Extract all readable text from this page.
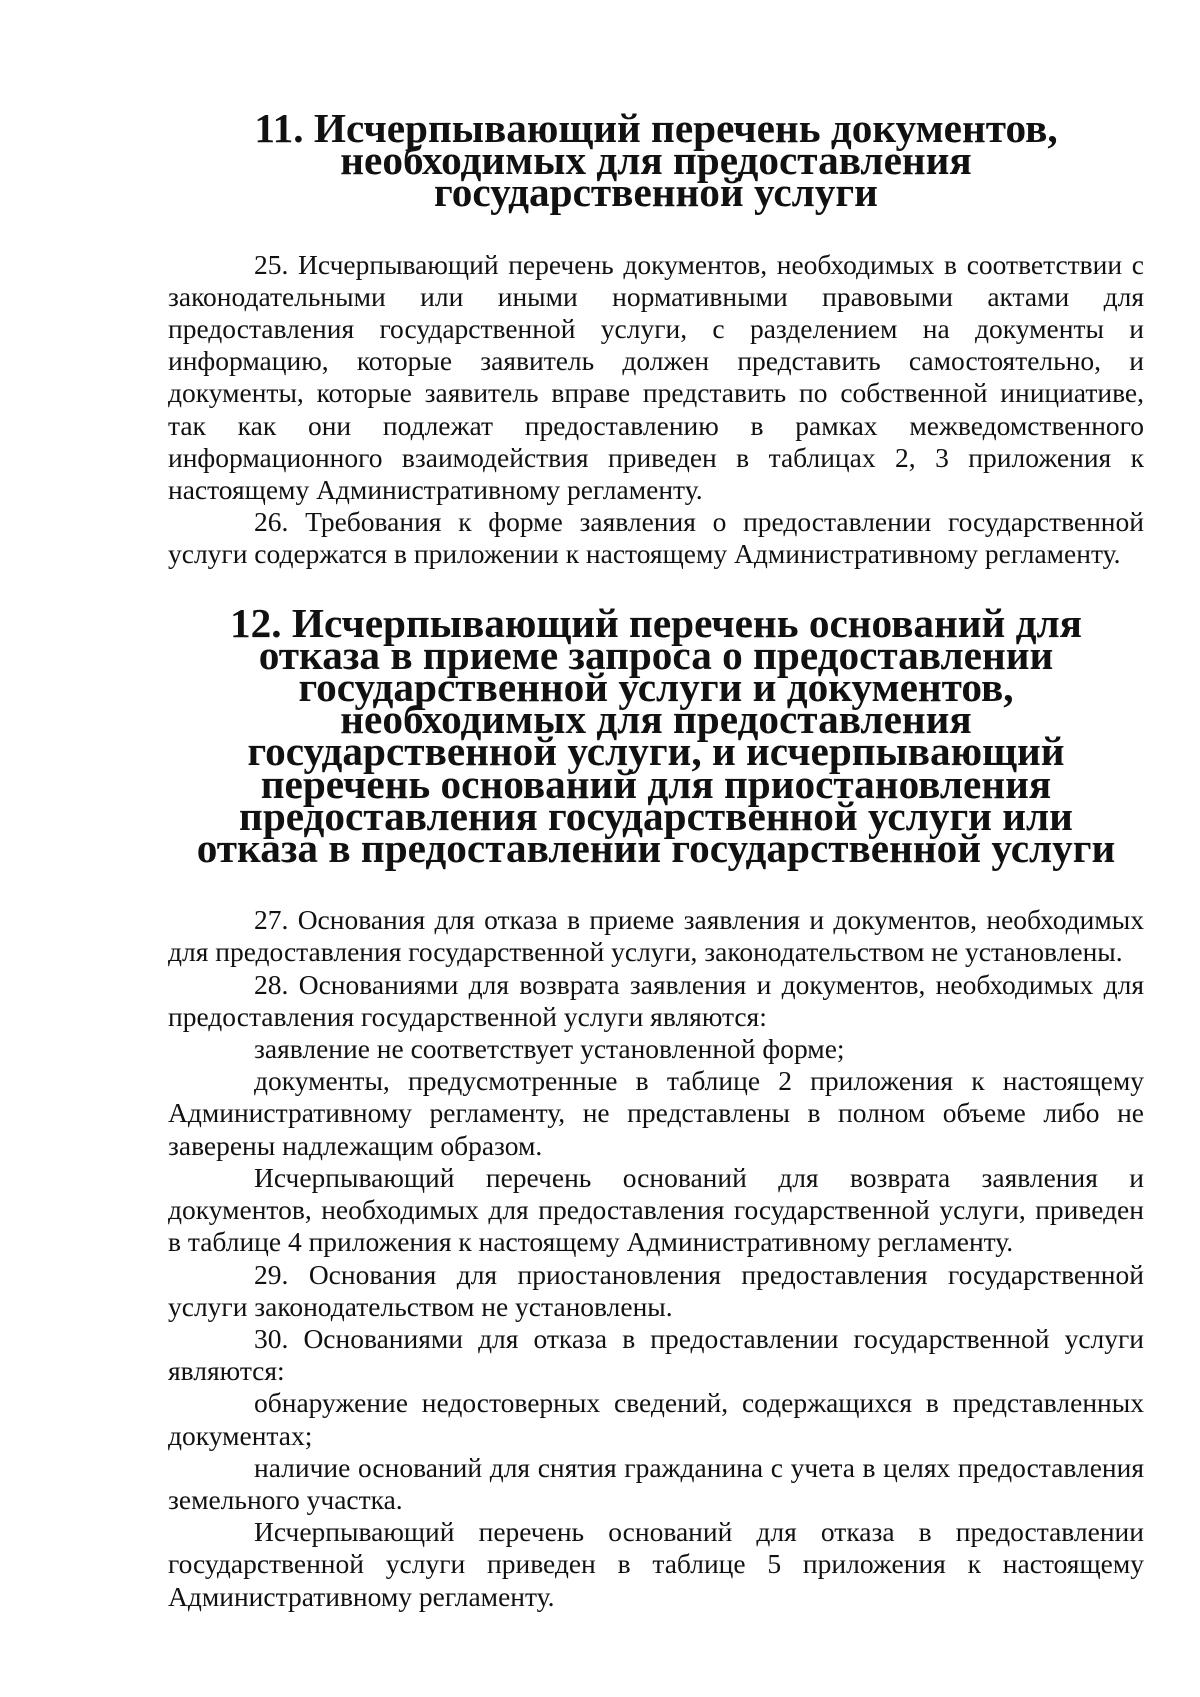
11. Исчерпывающий перечень документов, необходимых для предоставления государственной услуги

25. Исчерпывающий перечень документов, необходимых в соответствии с законодательными или иными нормативными правовыми актами для предоставления государственной услуги, с разделением на документы и информацию, которые заявитель должен представить самостоятельно, и документы, которые заявитель вправе представить по собственной инициативе, так как они подлежат предоставлению в рамках межведомственного информационного взаимодействия приведен в таблицах 2, 3 приложения к настоящему Административному регламенту.

26. Требования к форме заявления о предоставлении государственной услуги содержатся в приложении к настоящему Административному регламенту.

12. Исчерпывающий перечень оснований для отказа в приеме запроса о предоставлении государственной услуги и документов, необходимых для предоставления государственной услуги, и исчерпывающий перечень оснований для приостановления предоставления государственной услуги или отказа в предоставлении государственной услуги

27. Основания для отказа в приеме заявления и документов, необходимых для предоставления государственной услуги, законодательством не установлены.

28. Основаниями для возврата заявления и документов, необходимых для предоставления государственной услуги являются:

заявление не соответствует установленной форме;

документы, предусмотренные в таблице 2 приложения к настоящему Административному регламенту, не представлены в полном объеме либо не заверены надлежащим образом.

Исчерпывающий перечень оснований для возврата заявления и документов, необходимых для предоставления государственной услуги, приведен в таблице 4 приложения к настоящему Административному регламенту.

29. Основания для приостановления предоставления государственной услуги законодательством не установлены.

30. Основаниями для отказа в предоставлении государственной услуги являются:

обнаружение недостоверных сведений, содержащихся в представленных документах;

наличие оснований для снятия гражданина с учета в целях предоставления земельного участка.

Исчерпывающий перечень оснований для отказа в предоставлении государственной услуги приведен в таблице 5 приложения к настоящему Административному регламенту.
